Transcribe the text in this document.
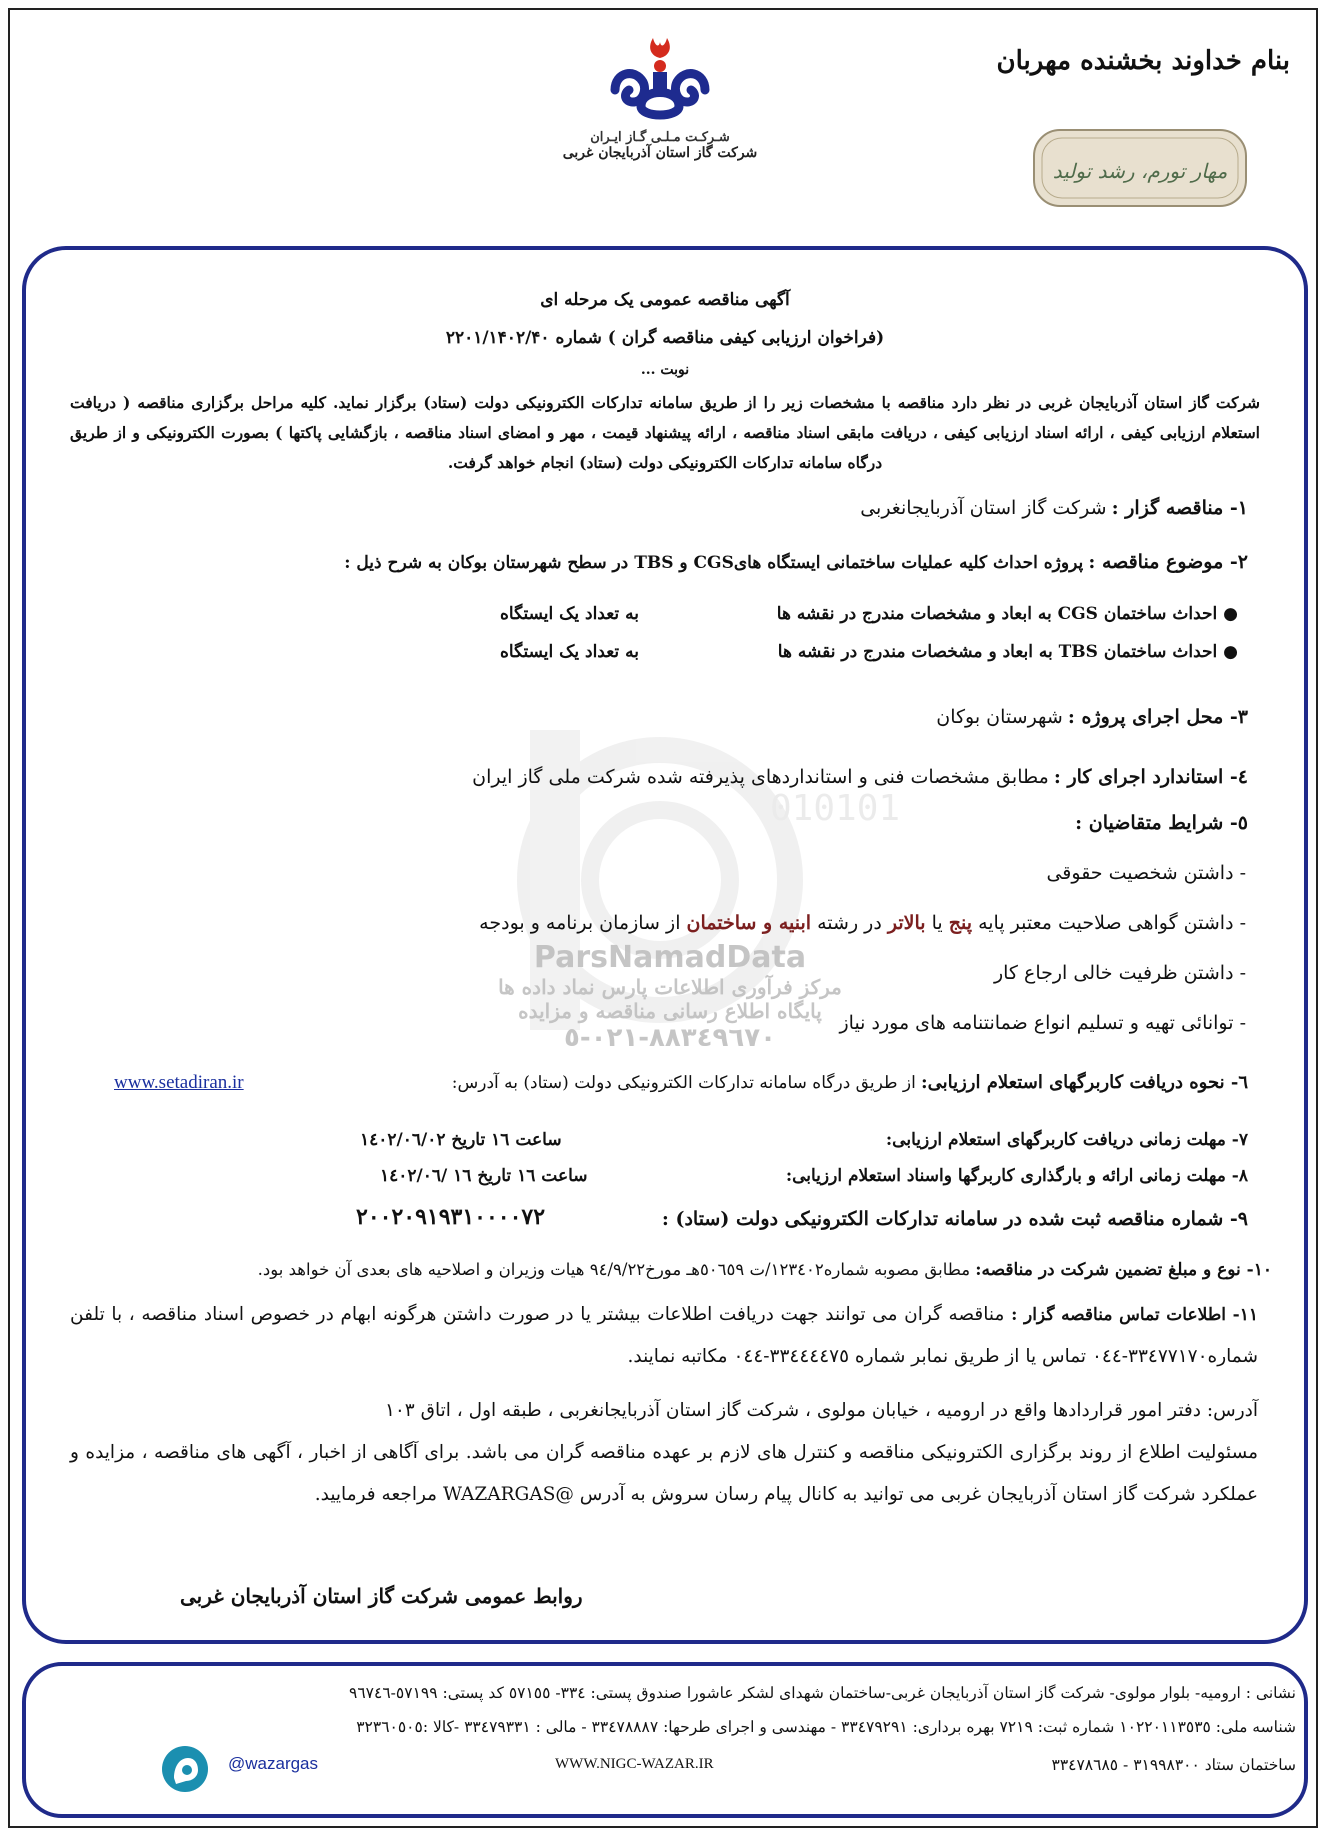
بنام خداوند بخشنده مهربان
مهار تورم، رشد تولید
شـرکـت مـلـی گـاز ایـران
شرکت گاز استان آذربایجان غربی
010101
ParsNamadData
مرکز فرآوری اطلاعات پارس نماد داده ها
پایگاه اطلاع رسانی مناقصه و مزایده
۰۲۱-۸۸۳٤۹٦۷۰-٥
آگهی مناقصه عمومی یک مرحله ای
(فراخوان ارزیابی کیفی مناقصه گران ) شماره ۲۲۰۱/۱۴۰۲/۴۰
نوبت ...
شرکت گاز استان آذربایجان غربی در نظر دارد مناقصه با مشخصات زیر را از طریق سامانه تدارکات الکترونیکی دولت (ستاد) برگزار نماید. کلیه مراحل برگزاری مناقصه ( دریافت استعلام ارزیابی کیفی ، ارائه اسناد ارزیابی کیفی ، دریافت مابقی اسناد مناقصه ، ارائه پیشنهاد قیمت ، مهر و امضای اسناد مناقصه ، بازگشایی پاکتها ) بصورت الکترونیکی و از طریق درگاه سامانه تدارکات الکترونیکی دولت (ستاد) انجام خواهد گرفت.
۱- مناقصه گزار : شرکت گاز استان آذربایجانغربی
۲- موضوع مناقصه : پروژه احداث کلیه عملیات ساختمانی ایستگاه هایCGS و TBS در سطح شهرستان بوکان به شرح ذیل :
● احداث ساختمان CGS به ابعاد و مشخصات مندرج در نقشه ها
به تعداد یک ایستگاه
● احداث ساختمان TBS به ابعاد و مشخصات مندرج در نقشه ها
به تعداد یک ایستگاه
۳- محل اجرای پروژه : شهرستان بوکان
٤- استاندارد اجرای کار : مطابق مشخصات فنی و استانداردهای پذیرفته شده شرکت ملی گاز ایران
٥- شرایط متقاضیان :
- داشتن شخصیت حقوقی
- داشتن گواهی صلاحیت معتبر پایه پنج یا بالاتر در رشته ابنیه و ساختمان از سازمان برنامه و بودجه
- داشتن ظرفیت خالی ارجاع کار
- توانائی تهیه و تسلیم انواع ضمانتنامه های مورد نیاز
٦- نحوه دریافت کاربرگهای استعلام ارزیابی: از طریق درگاه سامانه تدارکات الکترونیکی دولت (ستاد) به آدرس:
www.setadiran.ir
۷- مهلت زمانی دریافت کاربرگهای استعلام ارزیابی:
ساعت ۱٦ تاریخ ۱٤۰۲/۰٦/۰۲
۸- مهلت زمانی ارائه و بارگذاری کاربرگها واسناد استعلام ارزیابی:
ساعت ۱٦ تاریخ ۱٦ /۱٤۰۲/۰٦
۹- شماره مناقصه ثبت شده در سامانه تدارکات الکترونیکی دولت (ستاد) :
۲۰۰۲۰۹۱۹۳۱۰۰۰۰۷۲
۱۰- نوع و مبلغ تضمین شرکت در مناقصه: مطابق مصوبه شماره۱۲۳٤۰۲/ت ٥۰٦٥۹هـ مورخ۹٤/۹/۲۲ هیات وزیران و اصلاحیه های بعدی آن خواهد بود.
۱۱- اطلاعات تماس مناقصه گزار : مناقصه گران می توانند جهت دریافت اطلاعات بیشتر یا در صورت داشتن هرگونه ابهام در خصوص اسناد مناقصه ، با تلفن شماره۳۳٤۷۷۱۷۰-۰٤٤ تماس یا از طریق نمابر شماره ۳۳٤٤٤٤۷٥-۰٤٤ مکاتبه نمایند.
آدرس: دفتر امور قراردادها واقع در ارومیه ، خیابان مولوی ، شرکت گاز استان آذربایجانغربی ، طبقه اول ، اتاق ۱۰۳
مسئولیت اطلاع از روند برگزاری الکترونیکی مناقصه و کنترل های لازم بر عهده مناقصه گران می باشد. برای آگاهی از اخبار ، آگهی های مناقصه ، مزایده و عملکرد شرکت گاز استان آذربایجان غربی می توانید به کانال پیام رسان سروش به آدرس @WAZARGAS مراجعه فرمایید.
روابط عمومی شرکت گاز استان آذربایجان غربی
نشانی : ارومیه- بلوار مولوی- شرکت گاز استان آذربایجان غربی-ساختمان شهدای لشکر عاشورا صندوق پستی: ۳۳٤- ٥۷۱٥٥ کد پستی: ٥۷۱۹۹-۹٦۷٤٦
شناسه ملی: ۱۰۲۲۰۱۱۳٥۳٥ شماره ثبت: ۷۲۱۹ بهره برداری: ۳۳٤۷۹۲۹۱ - مهندسی و اجرای طرحها: ۳۳٤۷۸۸۸۷ - مالی : ۳۳٤۷۹۳۳۱ -کالا :۳۲۳٦۰٥۰٥
ساختمان ستاد ۳۱۹۹۸۳۰۰ - ۳۳٤۷۸٦۸٥
WWW.NIGC-WAZAR.IR
@wazargas
